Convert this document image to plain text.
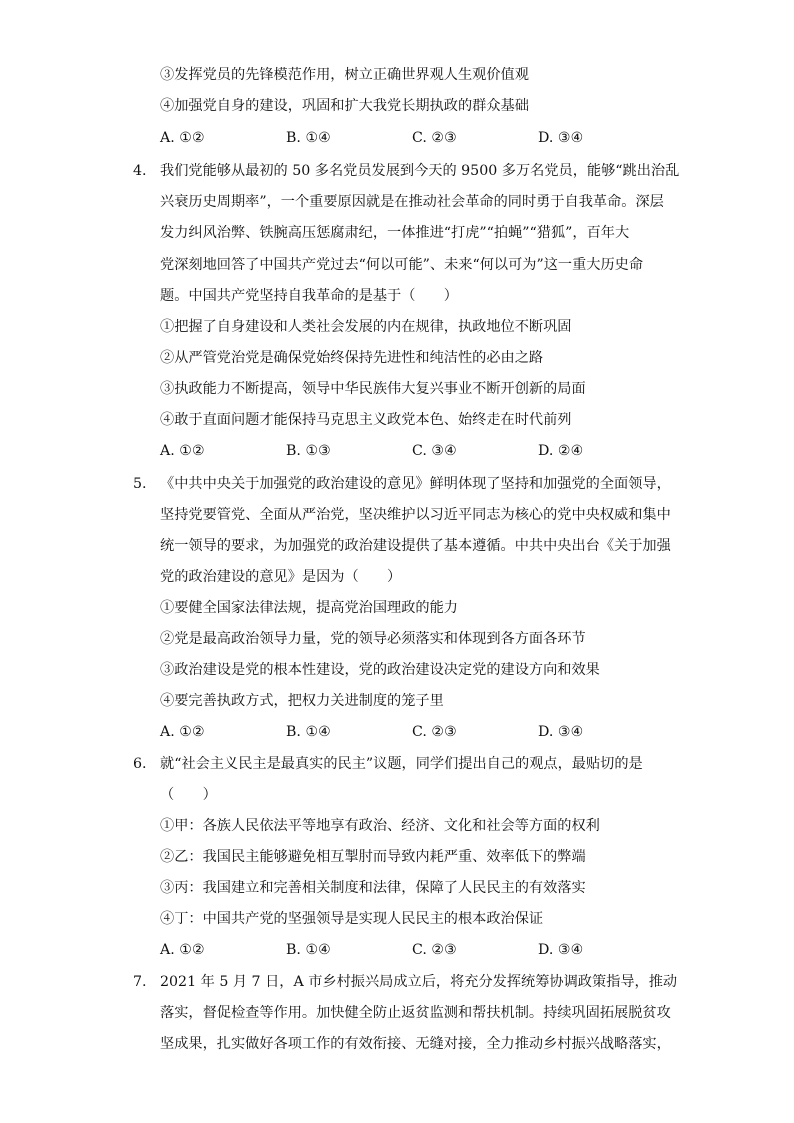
③发挥党员的先锋模范作用，树立正确世界观人生观价值观
④加强党自身的建设，巩固和扩大我党长期执政的群众基础
A. ①②	B. ①④	C. ②③	D. ③④
4. 我们党能够从最初的 50 多名党员发展到今天的 9500 多万名党员，能够“跳出治乱
兴衰历史周期率”，一个重要原因就是在推动社会革命的同时勇于自我革命。深层
发力纠风治弊、铁腕高压惩腐肃纪，一体推进“打虎”“拍蝇”“猎狐”，百年大
党深刻地回答了中国共产党过去“何以可能”、未来“何以可为”这一重大历史命
题。中国共产党坚持自我革命的是基于（　　）
①把握了自身建设和人类社会发展的内在规律，执政地位不断巩固
②从严管党治党是确保党始终保持先进性和纯洁性的必由之路
③执政能力不断提高，领导中华民族伟大复兴事业不断开创新的局面
④敢于直面问题才能保持马克思主义政党本色、始终走在时代前列
A. ①②	B. ①③	C. ③④	D. ②④
5. 《中共中央关于加强党的政治建设的意见》鲜明体现了坚持和加强党的全面领导，
坚持党要管党、全面从严治党，坚决维护以习近平同志为核心的党中央权威和集中
统一领导的要求，为加强党的政治建设提供了基本遵循。中共中央出台《关于加强
党的政治建设的意见》是因为（　　）
①要健全国家法律法规，提高党治国理政的能力
②党是最高政治领导力量，党的领导必须落实和体现到各方面各环节
③政治建设是党的根本性建设，党的政治建设决定党的建设方向和效果
④要完善执政方式，把权力关进制度的笼子里
A. ①②	B. ①④	C. ②③	D. ③④
6. 就“社会主义民主是最真实的民主”议题，同学们提出自己的观点，最贴切的是
（　　）
①甲：各族人民依法平等地享有政治、经济、文化和社会等方面的权利
②乙：我国民主能够避免相互掣肘而导致内耗严重、效率低下的弊端
③丙：我国建立和完善相关制度和法律，保障了人民民主的有效落实
④丁：中国共产党的坚强领导是实现人民民主的根本政治保证
A. ①②	B. ①④	C. ②③	D. ③④
7. 2021 年 5 月 7 日，A 市乡村振兴局成立后，将充分发挥统筹协调政策指导，推动
落实，督促检查等作用。加快健全防止返贫监测和帮扶机制。持续巩固拓展脱贫攻
坚成果，扎实做好各项工作的有效衔接、无缝对接，全力推动乡村振兴战略落实，
